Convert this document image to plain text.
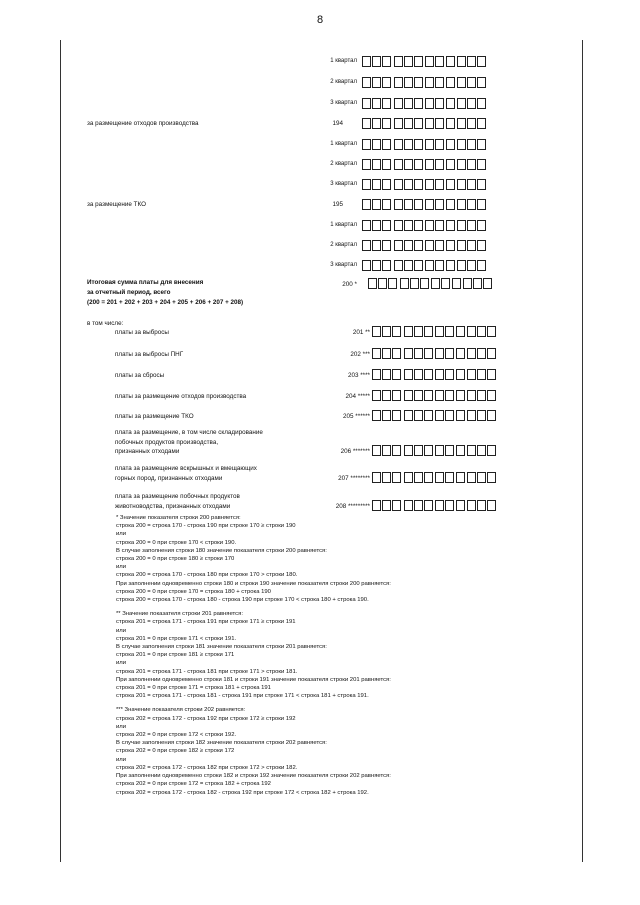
8

* Значение показателя строки 200 равняется:

строка 200 = строка 170 - строка 190 при строке 170 ≥ строки 190

или

строка 200 = 0 при строке 170 < строки 190.

В случае заполнения строки 180 значение показателя строки 200 равняется:

строка 200 = 0 при строке 180 ≥ строки 170

или

строка 200 = строка 170 - строка 180 при строке 170 > строки 180.

При заполнении одновременно строки 180 и строки 190 значение показателя строки 200 равняется:

строка 200 = 0 при строке 170 = строка 180 + строка 190

строка 200 = строка 170 - строка 180 - строка 190 при строке 170 < строка 180 + строка 190.

** Значение показателя строки 201 равняется:

строка 201 = строка 171 - строка 191 при строке 171 ≥ строки 191

или

строка 201 = 0 при строке 171 < строки 191.

В случае заполнения строки 181 значение показателя строки 201 равняется:

строка 201 = 0 при строке 181 ≥ строки 171

или

строка 201 = строка 171 - строка 181 при строке 171 > строки 181.

При заполнении одновременно строки 181 и строки 191 значение показателя строки 201 равняется:

строка 201 = 0 при строке 171 = строка 181 + строка 191

строка 201 = строка 171 - строка 181 - строка 191 при строке 171 < строка 181 + строка 191.

*** Значение показателя строки 202 равняется:

строка 202 = строка 172 - строка 192 при строке 172 ≥ строки 192

или

строка 202 = 0 при строке 172 < строки 192.

В случае заполнения строки 182 значение показателя строки 202 равняется:

строка 202 = 0 при строке 182 ≥ строки 172

или

строка 202 = строка 172 - строка 182 при строке 172 > строки 182.

При заполнении одновременно строки 182 и строки 192 значение показателя строки 202 равняется:

строка 202 = 0 при строке 172 = строка 182 + строка 192

строка 202 = строка 172 - строка 182 - строка 192 при строке 172 < строка 182 + строка 192.

1 квартал
2 квартал
3 квартал
за размещение отходов производства	194
1 квартал
2 квартал
3 квартал
за размещение ТКО	195
1 квартал
2 квартал
3 квартал
Итоговая сумма платы для внесения
за отчетный период, всего
(200 = 201 + 202 + 203 + 204 + 205 + 206 + 207 + 208)
200 *
в том числе:
платы за выбросы	201 **
платы за выбросы ПНГ	202 ***
платы за сбросы	203 ****
платы за размещение отходов производства	204 *****
платы за размещение ТКО	205 ******
плата за размещение, в том числе складирование
побочных продуктов производства,
признанных отходами	206 *******
плата за размещение вскрышных и вмещающих
горных пород, признанных отходами	207 ********
плата за размещение побочных продуктов
животноводства, признанных отходами	208 *********
